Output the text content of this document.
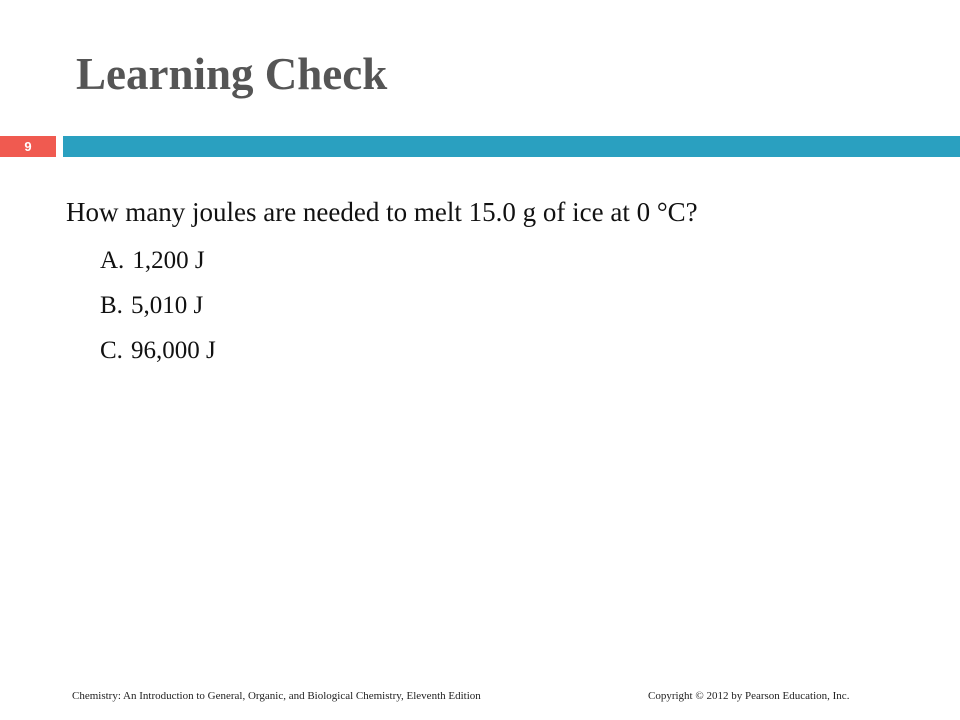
Learning Check
9
How many joules are needed to melt 15.0 g of ice at 0 °C?
A. 1,200 J
B. 5,010 J
C. 96,000 J
Chemistry: An Introduction to General, Organic, and Biological Chemistry, Eleventh Edition	Copyright © 2012 by Pearson Education, Inc.
